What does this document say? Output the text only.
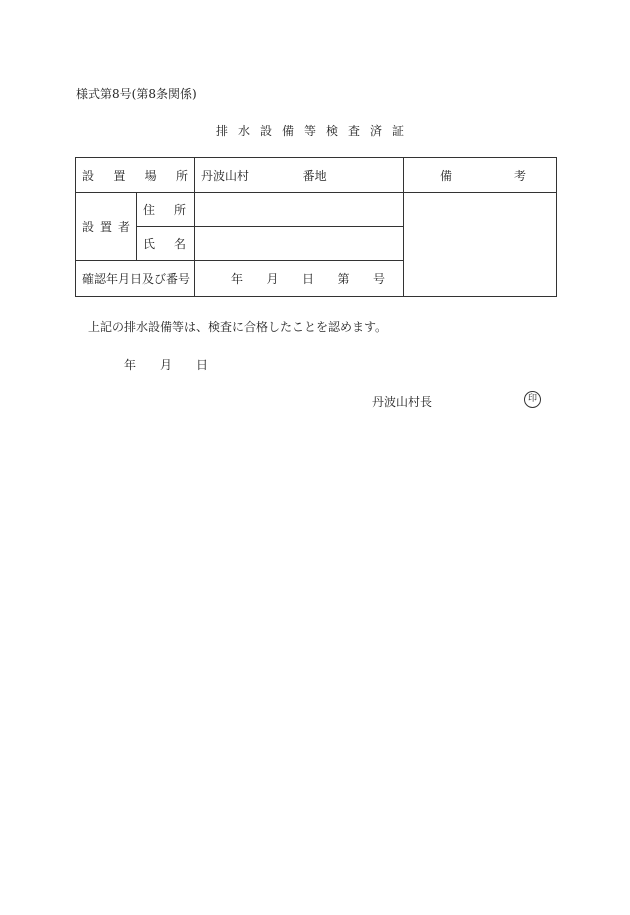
様式第8号(第8条関係)
排水設備等検査済証
設 置 場 所		丹波山村 番地	備 考

設 置 者	住 所		

	氏 名		

確認年月日及び番号		年 月 日 第 号	
上記の排水設備等は、検査に合格したことを認めます。
年 月 日
丹波山村長	印
